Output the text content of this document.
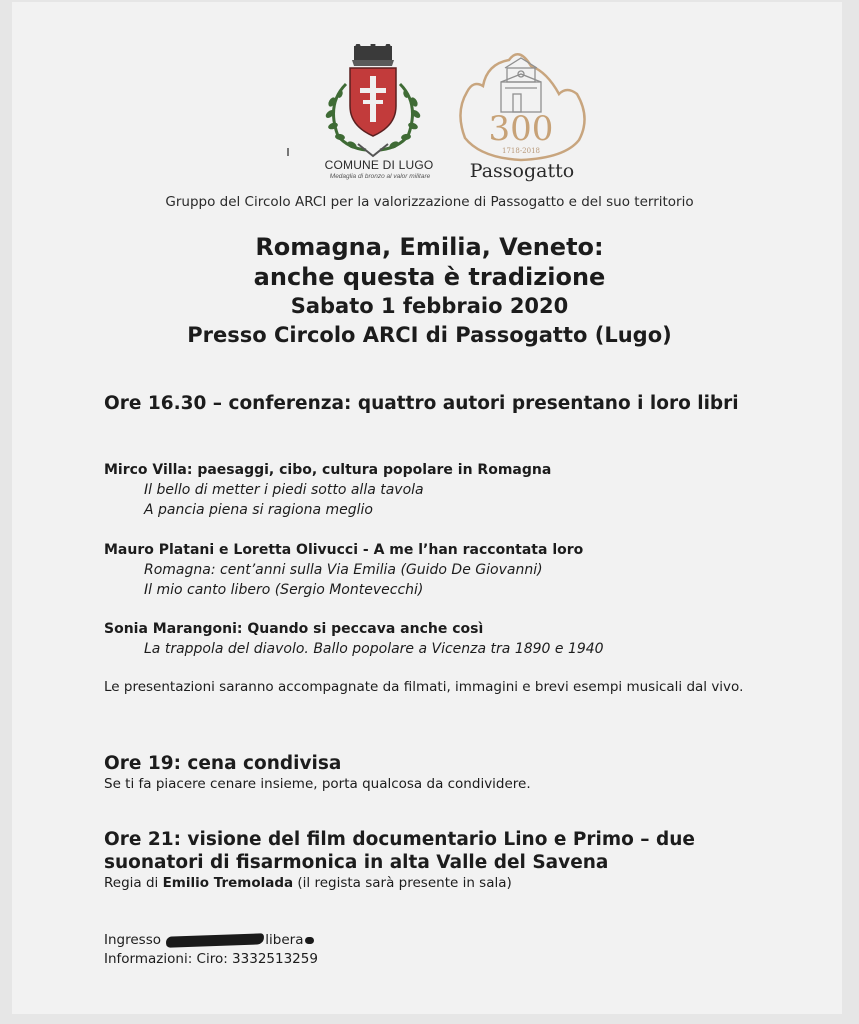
COMUNE DI LUGO
Medaglia di bronzo al valor militare
300
1718-2018
Passogatto
Gruppo del Circolo ARCI per la valorizzazione di Passogatto e del suo territorio
Romagna, Emilia, Veneto:
anche questa è tradizione
Sabato 1 febbraio 2020
Presso Circolo ARCI di Passogatto (Lugo)
Ore 16.30 – conferenza: quattro autori presentano i loro libri
Mirco Villa: paesaggi, cibo, cultura popolare in Romagna
Il bello di metter i piedi sotto alla tavola
A pancia piena si ragiona meglio
Mauro Platani e Loretta Olivucci - A me l’han raccontata loro
Romagna: cent’anni sulla Via Emilia (Guido De Giovanni)
Il mio canto libero (Sergio Montevecchi)
Sonia Marangoni: Quando si peccava anche così
La trappola del diavolo. Ballo popolare a Vicenza tra 1890 e 1940
Le presentazioni saranno accompagnate da filmati, immagini e brevi esempi musicali dal vivo.
Ore 19: cena condivisa
Se ti fa piacere cenare insieme, porta qualcosa da condividere.
Ore 21: visione del film documentario Lino e Primo – due suonatori di fisarmonica in alta Valle del Savena
Regia di Emilio Tremolada (il regista sarà presente in sala)
Ingresso	libera
Informazioni: Ciro: 3332513259
